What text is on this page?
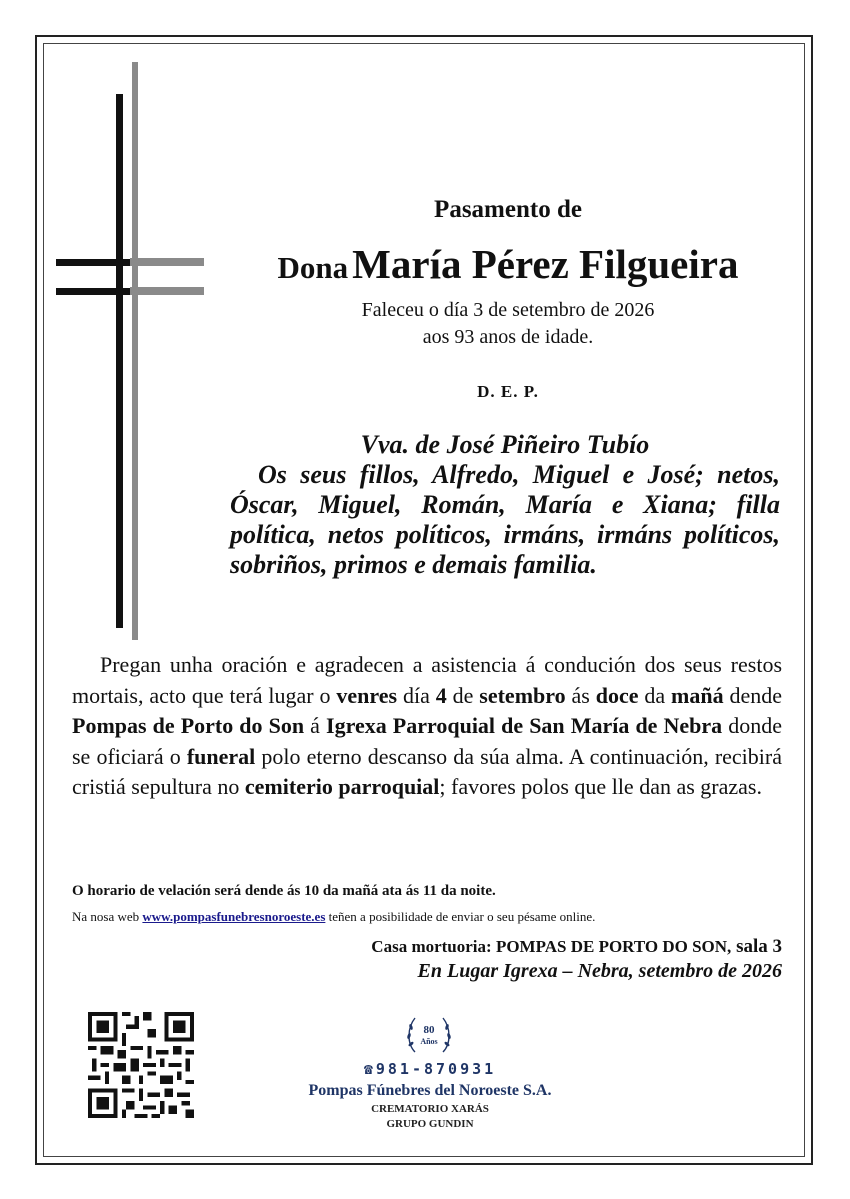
Pasamento de
Dona María Pérez Filgueira
Faleceu o día 3 de setembro de 2026
aos 93 anos de idade.
D. E. P.
Vva. de José Piñeiro Tubío
Os seus fillos, Alfredo, Miguel e José; netos, Óscar, Miguel, Román, María e Xiana; filla política, netos políticos, irmáns, irmáns políticos, sobriños, primos e demais familia.
Pregan unha oración e agradecen a asistencia á condución dos seus restos mortais, acto que terá lugar o venres día 4 de setembro ás doce da mañá dende Pompas de Porto do Son á Igrexa Parroquial de San María de Nebra donde se oficiará o funeral polo eterno descanso da súa alma. A continuación, recibirá cristiá sepultura no cemiterio parroquial; favores polos que lle dan as grazas.
O horario de velación será dende ás 10 da mañá ata ás 11 da noite.
Na nosa web www.pompasfunebresnoroeste.es teñen a posibilidade de enviar o seu pésame online.
Casa mortuoria: POMPAS DE PORTO DO SON, sala 3
En Lugar Igrexa – Nebra, setembro de 2026
80
Años
☎981-870931
Pompas Fúnebres del Noroeste S.A.
CREMATORIO XARÁS
GRUPO GUNDIN
